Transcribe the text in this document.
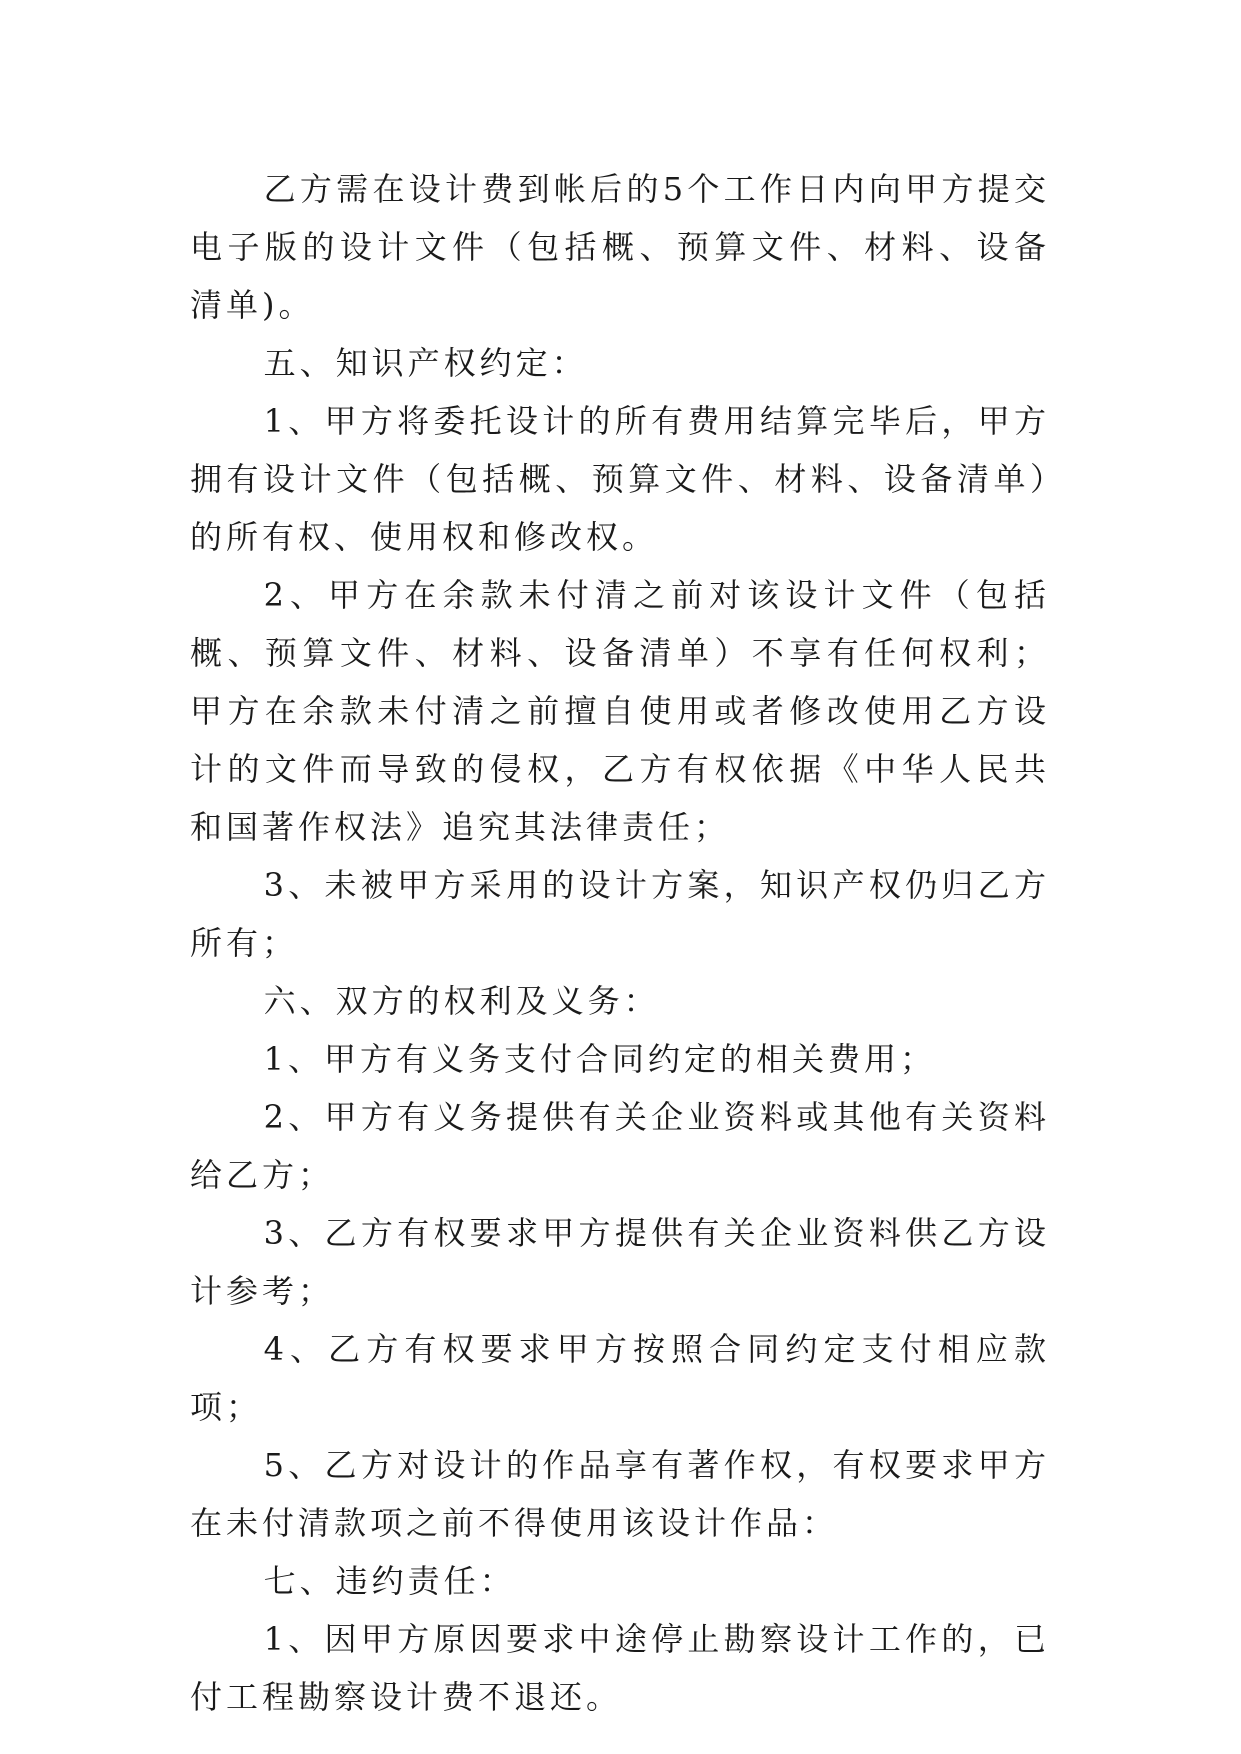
乙方需在设计费到帐后的5个工作日内向甲方提交电子版的设计文件（包括概、预算文件、材料、设备清单)。

五、知识产权约定：

1、甲方将委托设计的所有费用结算完毕后，甲方拥有设计文件（包括概、预算文件、材料、设备清单）的所有权、使用权和修改权。

2、甲方在余款未付清之前对该设计文件（包括概、预算文件、材料、设备清单）不享有任何权利；甲方在余款未付清之前擅自使用或者修改使用乙方设计的文件而导致的侵权，乙方有权依据《中华人民共和国著作权法》追究其法律责任；

3、未被甲方采用的设计方案，知识产权仍归乙方所有；

六、双方的权利及义务：

1、甲方有义务支付合同约定的相关费用；

2、甲方有义务提供有关企业资料或其他有关资料给乙方；

3、乙方有权要求甲方提供有关企业资料供乙方设计参考；

4、乙方有权要求甲方按照合同约定支付相应款项；

5、乙方对设计的作品享有著作权，有权要求甲方在未付清款项之前不得使用该设计作品：

七、违约责任：

1、因甲方原因要求中途停止勘察设计工作的，已付工程勘察设计费不退还。
